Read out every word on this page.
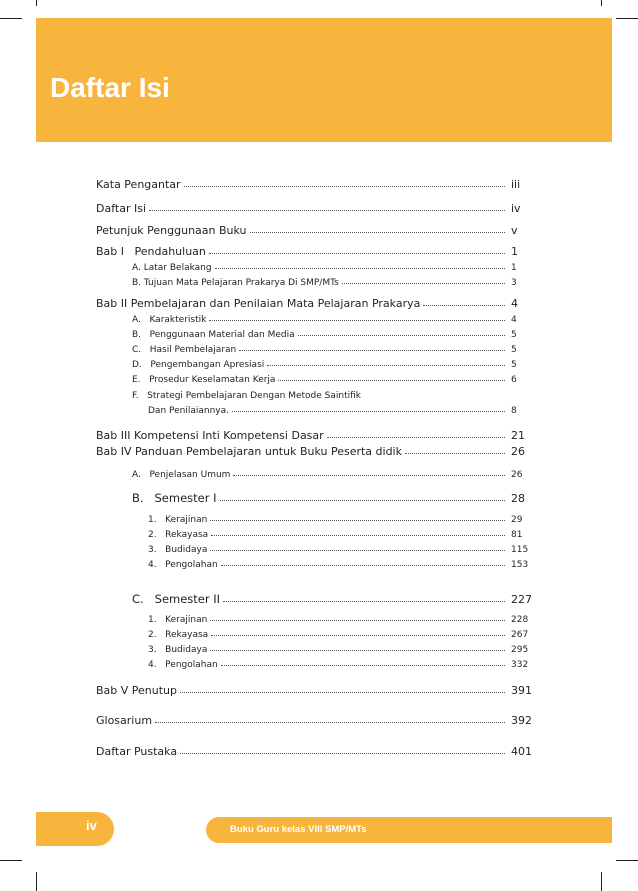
Daftar Isi
Kata Pengantar	iii
Daftar Isi	iv
Petunjuk Penggunaan Buku	v
Bab I   Pendahuluan	1
A. Latar Belakang	1
B. Tujuan Mata Pelajaran Prakarya Di SMP/MTs	3
Bab II Pembelajaran dan Penilaian Mata Pelajaran Prakarya	4
A.   Karakteristik	4
B.   Penggunaan Material dan Media	5
C.   Hasil Pembelajaran	5
D.   Pengembangan Apresiasi	5
E.   Prosedur Keselamatan Kerja	6
F.   Strategi Pembelajaran Dengan Metode Saintifik
Dan Penilaiannya.	8
Bab III Kompetensi Inti Kompetensi Dasar	21
Bab IV Panduan Pembelajaran untuk Buku Peserta didik	26
A.   Penjelasan Umum	26
B.   Semester I	28
1.   Kerajinan	29
2.   Rekayasa	81
3.   Budidaya	115
4.   Pengolahan	153
C.   Semester II	227
1.   Kerajinan	228
2.   Rekayasa	267
3.   Budidaya	295
4.   Pengolahan	332
Bab V Penutup	391
Glosarium	392
Daftar Pustaka	401
iv	Buku Guru kelas VIII SMP/MTs
